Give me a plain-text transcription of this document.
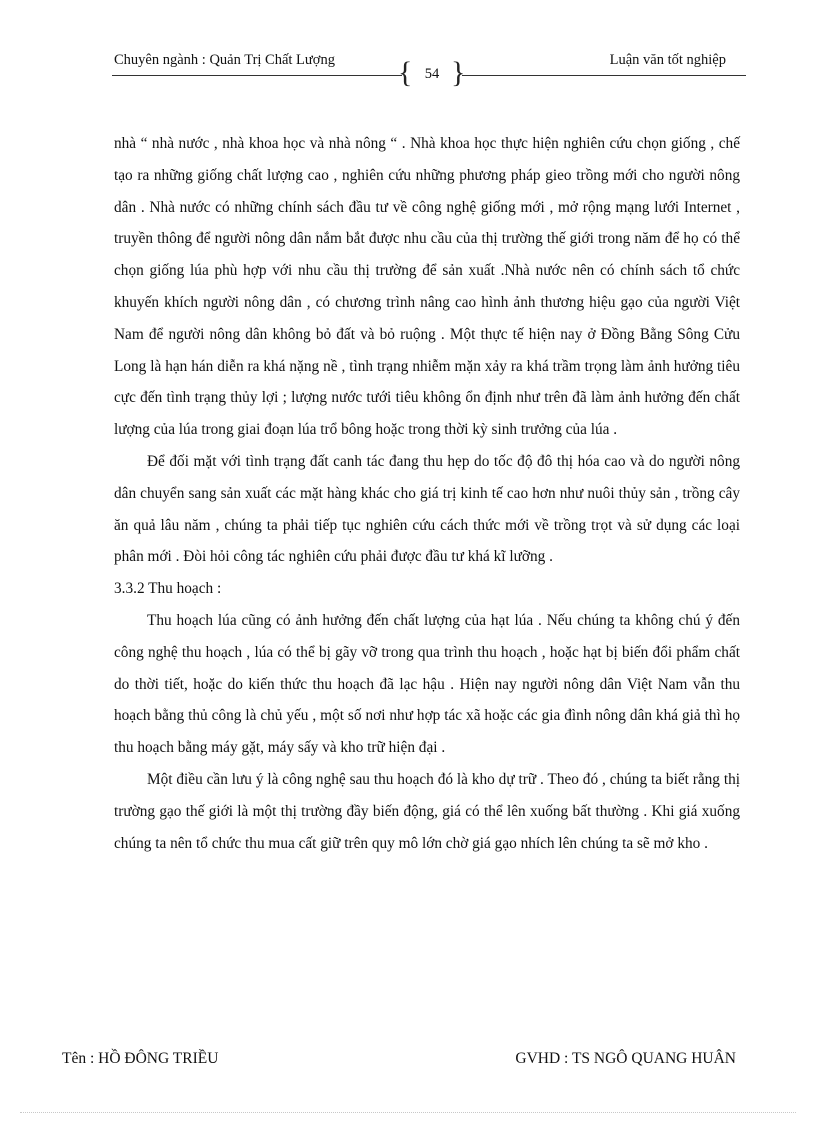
Chuyên ngành : Quản Trị Chất Lượng { 54 }	Luận văn tốt nghiệp

nhà “ nhà nước , nhà khoa học và nhà nông “ . Nhà khoa học thực hiện nghiên cứu chọn giống , chế tạo ra những giống chất lượng cao , nghiên cứu những phương pháp gieo trồng mới cho người nông dân . Nhà nước có những chính sách đầu tư về công nghệ giống mới , mở rộng mạng lưới Internet , truyền thông để người nông dân nắm bắt được nhu cầu của thị trường thế giới trong năm để họ có thể chọn giống lúa phù hợp với nhu cầu thị trường để sản xuất .Nhà nước nên có chính sách tổ chức khuyến khích người nông dân , có chương trình nâng cao hình ảnh thương hiệu gạo của người Việt Nam để người nông dân không bỏ đất và bỏ ruộng . Một thực tế hiện nay ở Đồng Bằng Sông Cửu Long là hạn hán diễn ra khá nặng nề , tình trạng nhiễm mặn xảy ra khá trầm trọng làm ảnh hưởng tiêu cực đến tình trạng thủy lợi ; lượng nước tưới tiêu không ổn định như trên đã làm ảnh hưởng đến chất lượng của lúa trong giai đoạn lúa trổ bông hoặc trong thời kỳ sinh trưởng của lúa .

Để đối mặt với tình trạng đất canh tác đang thu hẹp do tốc độ đô thị hóa cao và do người nông dân chuyển sang sản xuất các mặt hàng khác cho giá trị kinh tế cao hơn như nuôi thủy sản , trồng cây ăn quả lâu năm , chúng ta phải tiếp tục nghiên cứu cách thức mới về trồng trọt và sử dụng các loại phân mới . Đòi hỏi công tác nghiên cứu phải được đầu tư khá kĩ lưỡng .

3.3.2 Thu hoạch :

Thu hoạch lúa cũng có ảnh hưởng đến chất lượng của hạt lúa . Nếu chúng ta không chú ý đến công nghệ thu hoạch , lúa có thể bị gãy vỡ trong qua trình thu hoạch , hoặc hạt bị biến đổi phẩm chất do thời tiết, hoặc do kiến thức thu hoạch đã lạc hậu . Hiện nay người nông dân Việt Nam vẫn thu hoạch bằng thủ công là chủ yếu , một số nơi như hợp tác xã hoặc các gia đình nông dân khá giả thì họ thu hoạch bằng máy gặt, máy sấy và kho trữ hiện đại .

Một điều cần lưu ý là công nghệ sau thu hoạch đó là kho dự trữ . Theo đó , chúng ta biết rằng thị trường gạo thế giới là một thị trường đầy biến động, giá có thể lên xuống bất thường . Khi giá xuống chúng ta nên tổ chức thu mua cất giữ trên quy mô lớn chờ giá gạo nhích lên chúng ta sẽ mở kho .

Tên : HỒ ĐÔNG TRIỀU	GVHD : TS NGÔ QUANG HUÂN
